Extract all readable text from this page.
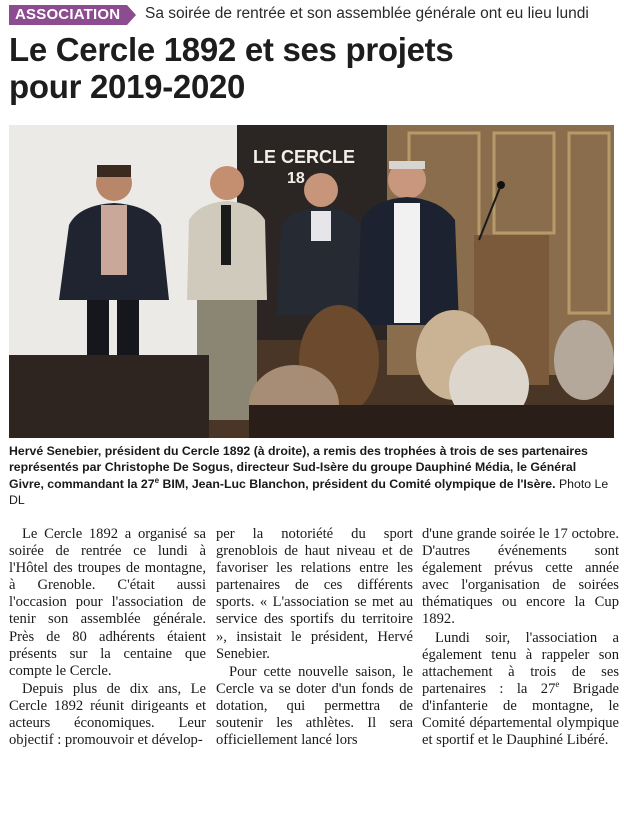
ASSOCIATION Sa soirée de rentrée et son assemblée générale ont eu lieu lundi
Le Cercle 1892 et ses projets
pour 2019-2020
LE CERCLE
18

Hervé Senebier, président du Cercle 1892 (à droite), a remis des trophées à trois de ses partenaires représentés par Christophe De Sogus, directeur Sud-Isère du groupe Dauphiné Média, le Général Givre, commandant la 27e BIM, Jean-Luc Blanchon, président du Comité olympique de l'Isère. Photo Le DL

Le Cercle 1892 a organisé sa soirée de rentrée ce lundi à l'Hôtel des troupes de montagne, à Grenoble. C'était aussi l'occasion pour l'association de tenir son assemblée générale. Près de 80 adhérents étaient présents sur la centaine que compte le Cercle.

Depuis plus de dix ans, Le Cercle 1892 réunit dirigeants et acteurs économiques. Leur objectif : promouvoir et dévelop-

per la notoriété du sport grenoblois de haut niveau et de favoriser les relations entre les partenaires de ces différents sports. « L'association se met au service des sportifs du territoire », insistait le président, Hervé Senebier.

Pour cette nouvelle saison, le Cercle va se doter d'un fonds de dotation, qui permettra de soutenir les athlètes. Il sera officiellement lancé lors

d'une grande soirée le 17 octobre. D'autres événements sont également prévus cette année avec l'organisation de soirées thématiques ou encore la Cup 1892.

Lundi soir, l'association a également tenu à rappeler son attachement à trois de ses partenaires : la 27e Brigade d'infanterie de montagne, le Comité départemental olympique et sportif et le Dauphiné Libéré.
